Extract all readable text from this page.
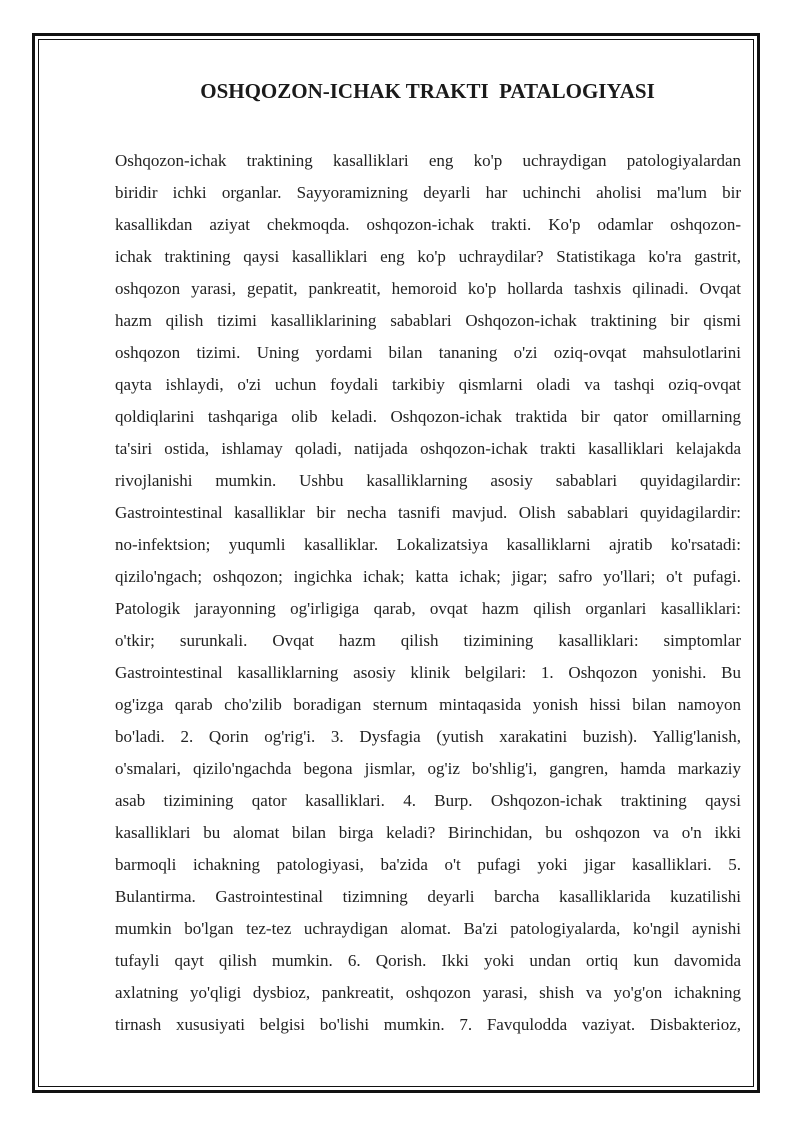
OSHQOZON-ICHAK TRAKTI  PATALOGIYASI
Oshqozon-ichak traktining kasalliklari eng ko'p uchraydigan patologiyalardan
biridir ichki organlar. Sayyoramizning deyarli har uchinchi aholisi ma'lum bir
kasallikdan aziyat chekmoqda. oshqozon-ichak trakti. Ko'p odamlar oshqozon-
ichak traktining qaysi kasalliklari eng ko'p uchraydilar? Statistikaga ko'ra gastrit,
oshqozon yarasi, gepatit, pankreatit, hemoroid ko'p hollarda tashxis qilinadi. Ovqat
hazm qilish tizimi kasalliklarining sabablari Oshqozon-ichak traktining bir qismi
oshqozon tizimi. Uning yordami bilan tananing o'zi oziq-ovqat mahsulotlarini
qayta ishlaydi, o'zi uchun foydali tarkibiy qismlarni oladi va tashqi oziq-ovqat
qoldiqlarini tashqariga olib keladi. Oshqozon-ichak traktida bir qator omillarning
ta'siri ostida, ishlamay qoladi, natijada oshqozon-ichak trakti kasalliklari kelajakda
rivojlanishi mumkin. Ushbu kasalliklarning asosiy sabablari quyidagilardir:
Gastrointestinal kasalliklar bir necha tasnifi mavjud. Olish sabablari quyidagilardir:
no-infektsion; yuqumli kasalliklar. Lokalizatsiya kasalliklarni ajratib ko'rsatadi:
qizilo'ngach; oshqozon; ingichka ichak; katta ichak; jigar; safro yo'llari; o't pufagi.
Patologik jarayonning og'irligiga qarab, ovqat hazm qilish organlari kasalliklari:
o'tkir; surunkali. Ovqat hazm qilish tizimining kasalliklari: simptomlar
Gastrointestinal kasalliklarning asosiy klinik belgilari: 1. Oshqozon yonishi. Bu
og'izga qarab cho'zilib boradigan sternum mintaqasida yonish hissi bilan namoyon
bo'ladi. 2. Qorin og'rig'i. 3. Dysfagia (yutish xarakatini buzish). Yallig'lanish,
o'smalari, qizilo'ngachda begona jismlar, og'iz bo'shlig'i, gangren, hamda markaziy
asab tizimining qator kasalliklari. 4. Burp. Oshqozon-ichak traktining qaysi
kasalliklari bu alomat bilan birga keladi? Birinchidan, bu oshqozon va o'n ikki
barmoqli ichakning patologiyasi, ba'zida o't pufagi yoki jigar kasalliklari. 5.
Bulantirma. Gastrointestinal tizimning deyarli barcha kasalliklarida kuzatilishi
mumkin bo'lgan tez-tez uchraydigan alomat. Ba'zi patologiyalarda, ko'ngil aynishi
tufayli qayt qilish mumkin. 6. Qorish. Ikki yoki undan ortiq kun davomida
axlatning yo'qligi dysbioz, pankreatit, oshqozon yarasi, shish va yo'g'on ichakning
tirnash xususiyati belgisi bo'lishi mumkin. 7. Favqulodda vaziyat. Disbakterioz,
